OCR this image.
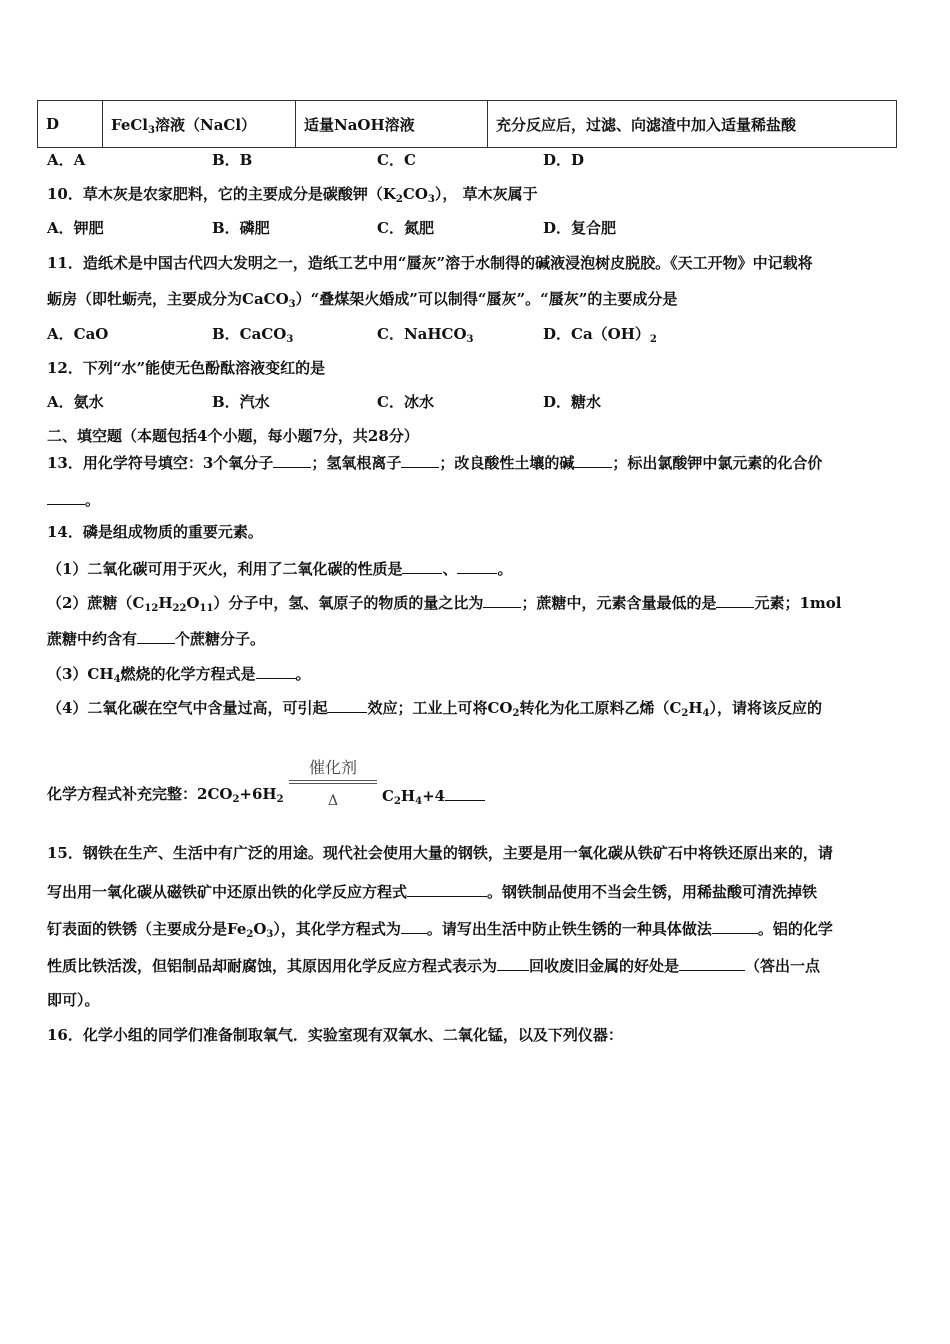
D	FeCl$_3$溶液（NaCl）	适量NaOH溶液	充分反应后，过滤、向滤渣中加入适量稀盐酸
A．A	B．B	C．C	D．D
10．草木灰是农家肥料，它的主要成分是碳酸钾$(K_2CO_3)$， 草木灰属于
A．钾肥	B．磷肥	C．氮肥	D．复合肥
11．造纸术是中国古代四大发明之一，造纸工艺中用“蜃灰”溶于水制得的碱液浸泡树皮脱胶。《天工开物》中记载将
蛎房（即牡蛎壳，主要成分为CaCO$_3$）“叠煤架火婚成”可以制得“蜃灰”。“蜃灰”的主要成分是
A．CaO	B．CaCO$_3$	C．NaHCO$_3$	D．$Ca(OH)_2$
12．下列“水”能使无色酚酞溶液变红的是
A．氨水	B．汽水	C．冰水	D．糖水
二、填空题（本题包括4个小题，每小题7分，共28分）
13．用化学符号填空：3个氧分子	；氢氧根离子	；改良酸性土壤的碱	；标出氯酸钾中氯元素的化合价
。
14．磷是组成物质的重要元素。
（1）二氧化碳可用于灭火，利用了二氧化碳的性质是	、	。
（2）蔗糖$(C_{12}H_{22}O_{11})$分子中，氢、氧原子的物质的量之比为	；蔗糖中，元素含量最低的是	元素；1mol
蔗糖中约含有	个蔗糖分子。
$(3)CH_4$燃烧的化学方程式是	。
（4）二氧化碳在空气中含量过高，可引起	效应；工业上可将$CO_2$转化为化工原料乙烯$(C_2H_4)$，请将该反应的
化学方程式补充完整：$2CO_2+6H_2$
催化剂
Δ	$C_2H_4+4$
15．钢铁在生产、生活中有广泛的用途。现代社会使用大量的钢铁，主要是用一氧化碳从铁矿石中将铁还原出来的，请
写出用一氧化碳从磁铁矿中还原出铁的化学反应方程式	。钢铁制品使用不当会生锈，用稀盐酸可清洗掉铁
钉表面的铁锈（主要成分是$Fe_2O_3$），其化学方程式为 。请写出生活中防止铁生锈的一种具体做法	。铝的化学
性质比铁活泼，但铝制品却耐腐蚀，其原因用化学反应方程式表示为 回收废旧金属的好处是	（答出一点
即可）。
16．化学小组的同学们准备制取氧气．实验室现有双氧水、二氧化锰，以及下列仪器：
